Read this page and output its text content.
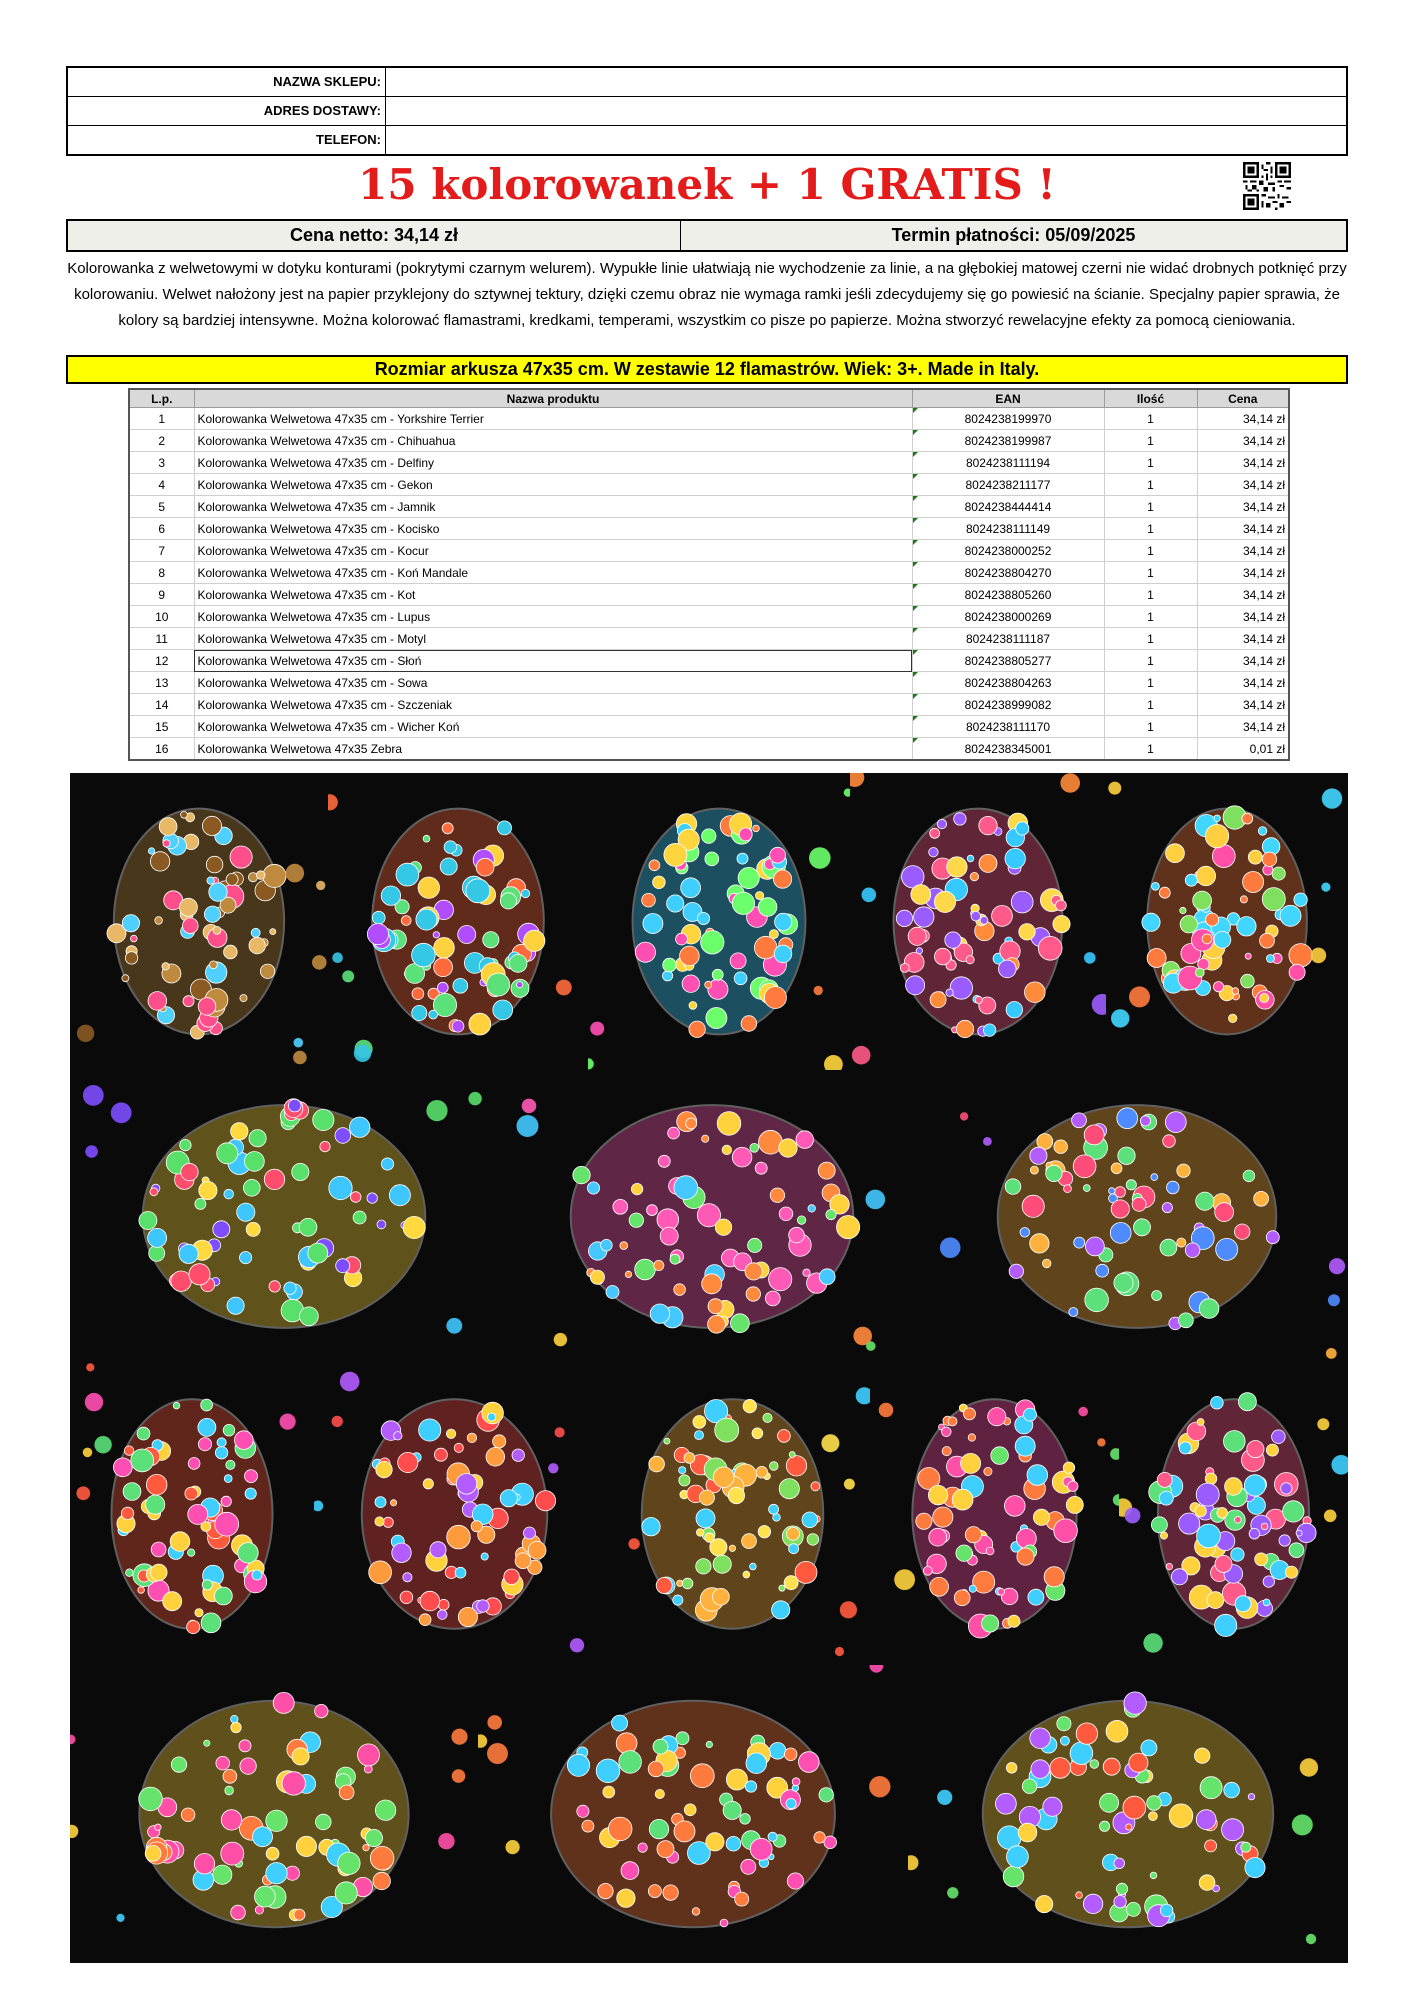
NAZWA SKLEPU:
ADRES DOSTAWY:
TELEFON:
15 kolorowanek + 1 GRATIS !
Cena netto: 34,14 zł	Termin płatności: 05/09/2025
Kolorowanka z welwetowymi w dotyku konturami (pokrytymi czarnym welurem). Wypukłe linie ułatwiają nie wychodzenie za linie, a na głębokiej matowej czerni nie widać drobnych potknięć przy kolorowaniu. Welwet nałożony jest na papier przyklejony do sztywnej tektury, dzięki czemu obraz nie wymaga ramki jeśli zdecydujemy się go powiesić na ścianie. Specjalny papier sprawia, że kolory są bardziej intensywne. Można kolorować flamastrami, kredkami, temperami, wszystkim co pisze po papierze. Można stworzyć rewelacyjne efekty za pomocą cieniowania.
Rozmiar arkusza 47x35 cm. W zestawie 12 flamastrów. Wiek: 3+. Made in Italy.
L.p.	Nazwa produktu	EAN	Ilość	Cena
1	Kolorowanka Welwetowa 47x35 cm - Yorkshire Terrier	8024238199970	1	34,14 zł
2	Kolorowanka Welwetowa 47x35 cm - Chihuahua	8024238199987	1	34,14 zł
3	Kolorowanka Welwetowa 47x35 cm - Delfiny	8024238111194	1	34,14 zł
4	Kolorowanka Welwetowa 47x35 cm - Gekon	8024238211177	1	34,14 zł
5	Kolorowanka Welwetowa 47x35 cm - Jamnik	8024238444414	1	34,14 zł
6	Kolorowanka Welwetowa 47x35 cm - Kocisko	8024238111149	1	34,14 zł
7	Kolorowanka Welwetowa 47x35 cm - Kocur	8024238000252	1	34,14 zł
8	Kolorowanka Welwetowa 47x35 cm - Koń Mandale	8024238804270	1	34,14 zł
9	Kolorowanka Welwetowa 47x35 cm - Kot	8024238805260	1	34,14 zł
10	Kolorowanka Welwetowa 47x35 cm - Lupus	8024238000269	1	34,14 zł
11	Kolorowanka Welwetowa 47x35 cm - Motyl	8024238111187	1	34,14 zł
12	Kolorowanka Welwetowa 47x35 cm - Słoń	8024238805277	1	34,14 zł
13	Kolorowanka Welwetowa 47x35 cm - Sowa	8024238804263	1	34,14 zł
14	Kolorowanka Welwetowa 47x35 cm - Szczeniak	8024238999082	1	34,14 zł
15	Kolorowanka Welwetowa 47x35 cm - Wicher Koń	8024238111170	1	34,14 zł
16	Kolorowanka Welwetowa 47x35 Zebra	8024238345001	1	0,01 zł
